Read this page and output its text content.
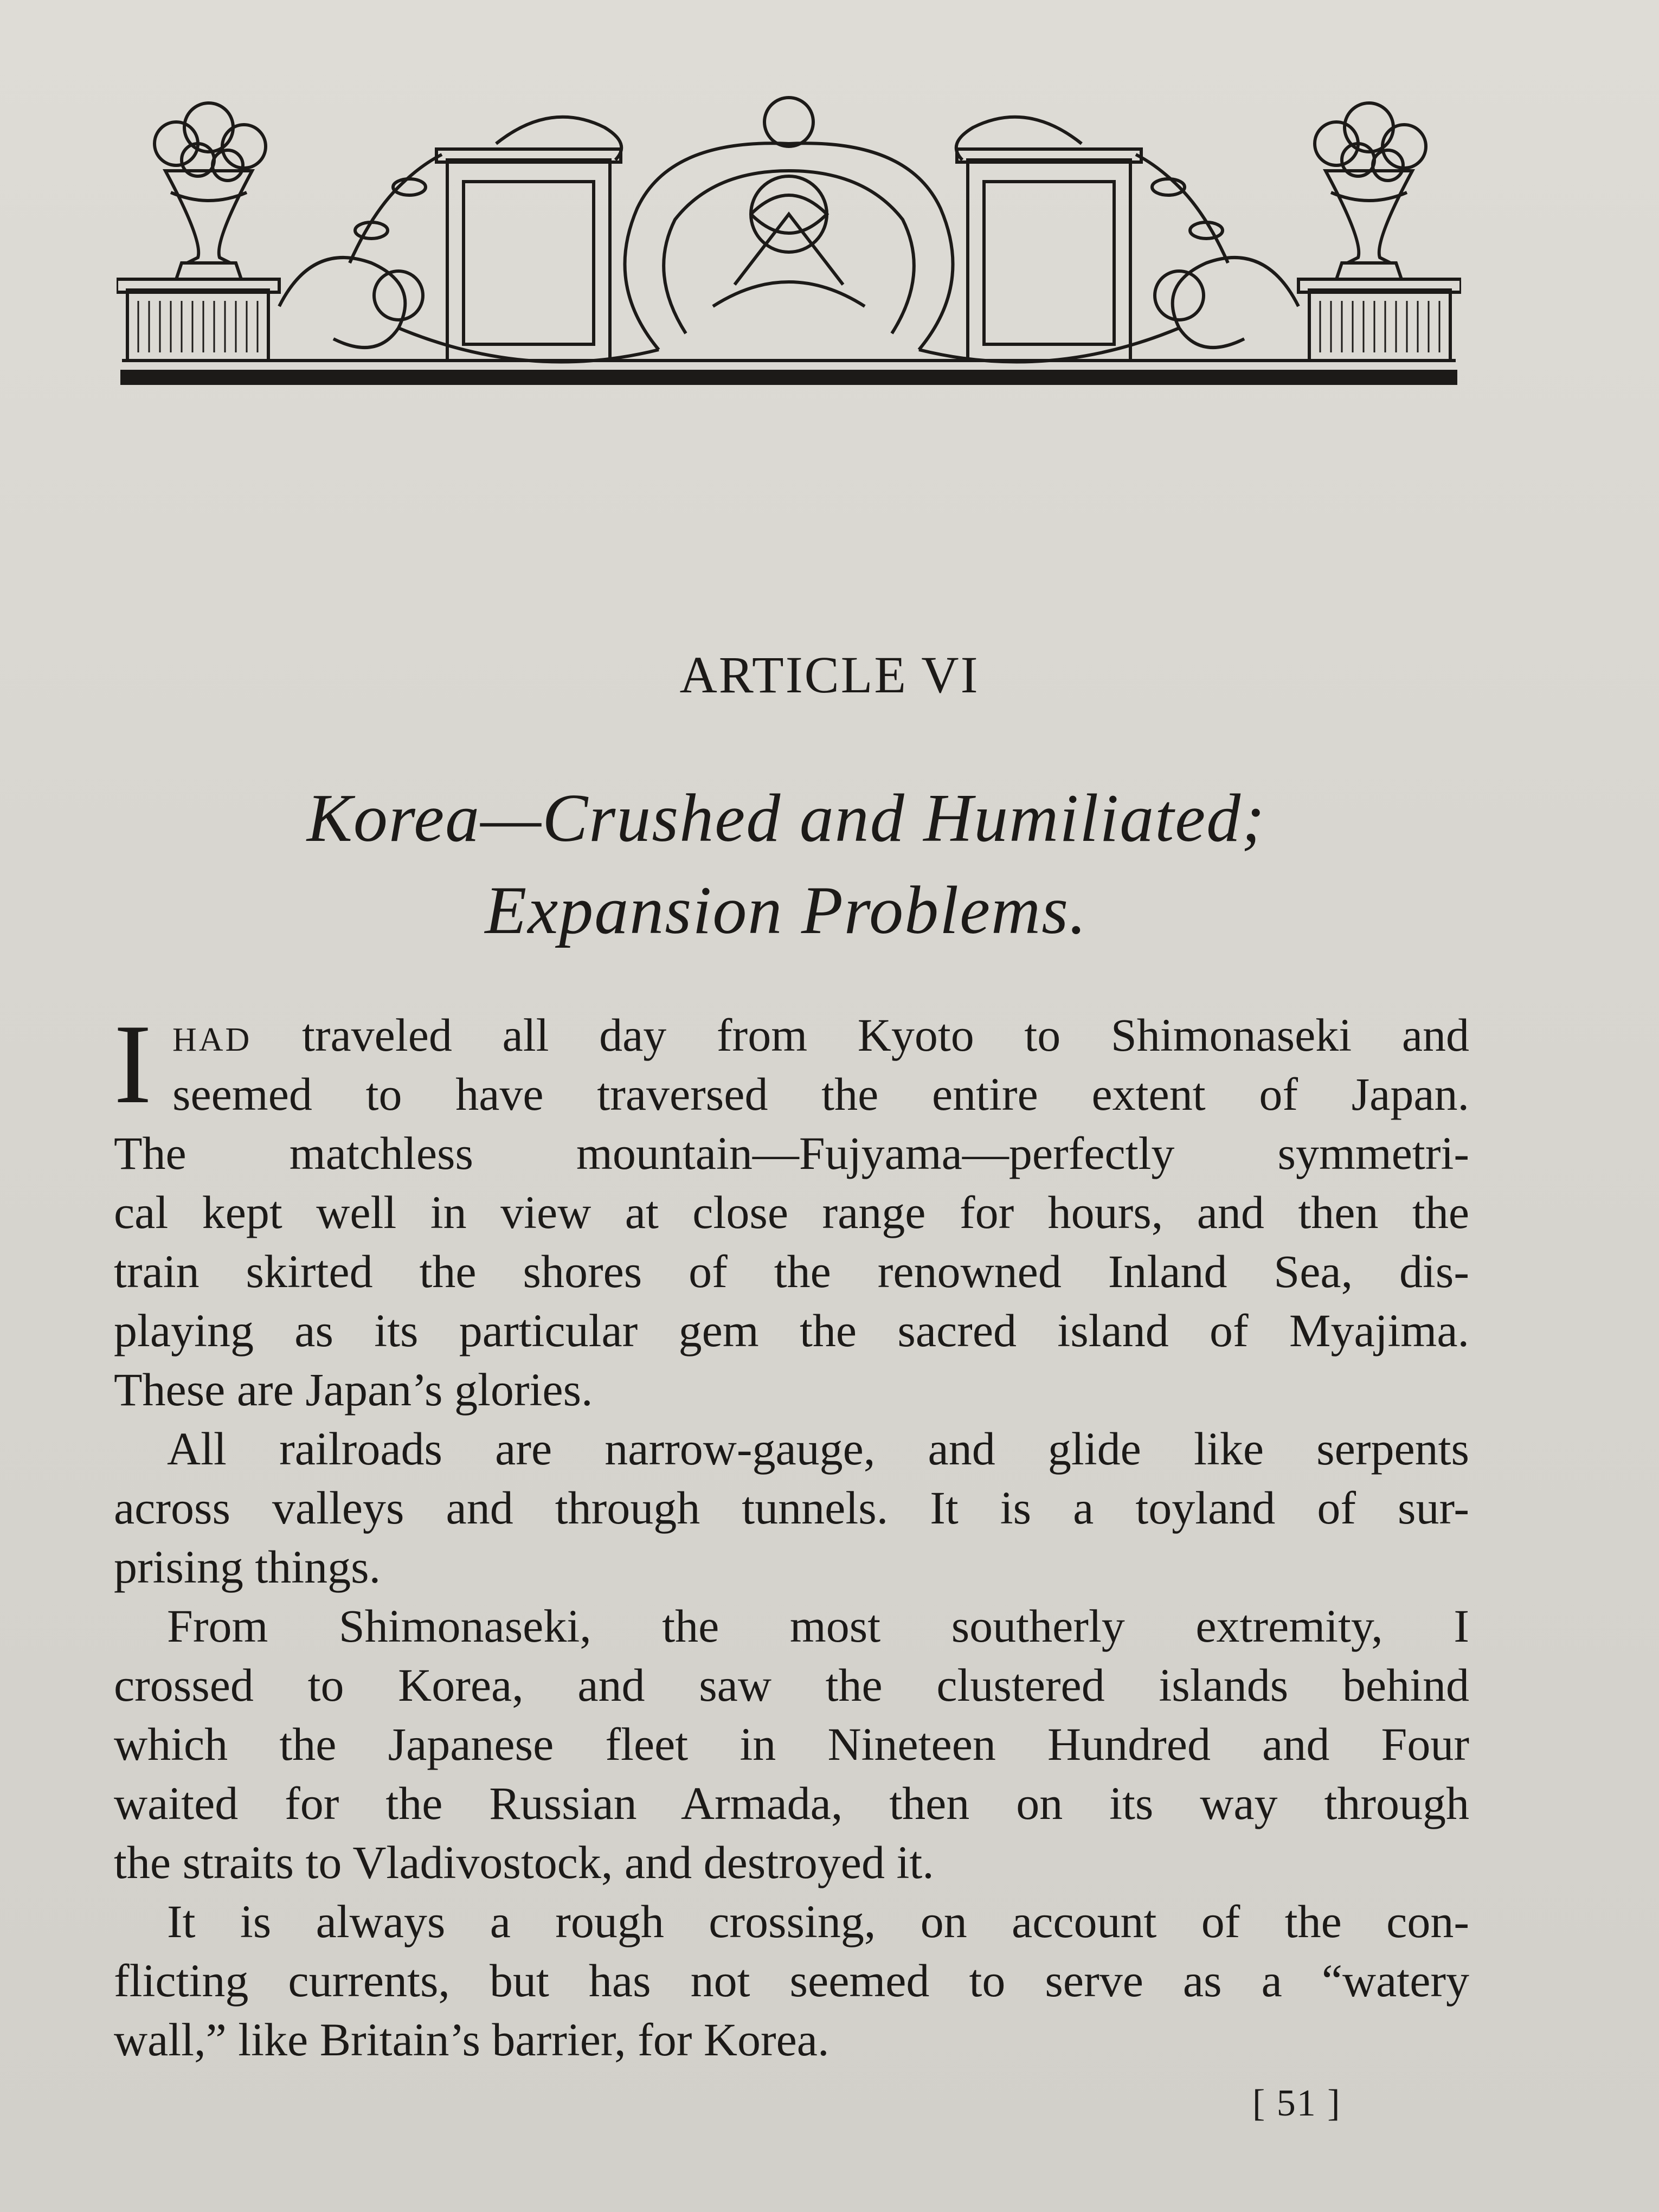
ARTICLE VI
Korea—Crushed and Humiliated;
Expansion Problems.
I HAD traveled all day from Kyoto to Shimonaseki and
seemed to have traversed the entire extent of Japan.
The matchless mountain—Fujyama—perfectly symmetri-
cal kept well in view at close range for hours, and then the
train skirted the shores of the renowned Inland Sea, dis-
playing as its particular gem the sacred island of Myajima.
These are Japan’s glories.
All railroads are narrow-gauge, and glide like serpents
across valleys and through tunnels. It is a toyland of sur-
prising things.
From Shimonaseki, the most southerly extremity, I
crossed to Korea, and saw the clustered islands behind
which the Japanese fleet in Nineteen Hundred and Four
waited for the Russian Armada, then on its way through
the straits to Vladivostock, and destroyed it.
It is always a rough crossing, on account of the con-
flicting currents, but has not seemed to serve as a “watery
wall,” like Britain’s barrier, for Korea.
[ 51 ]
